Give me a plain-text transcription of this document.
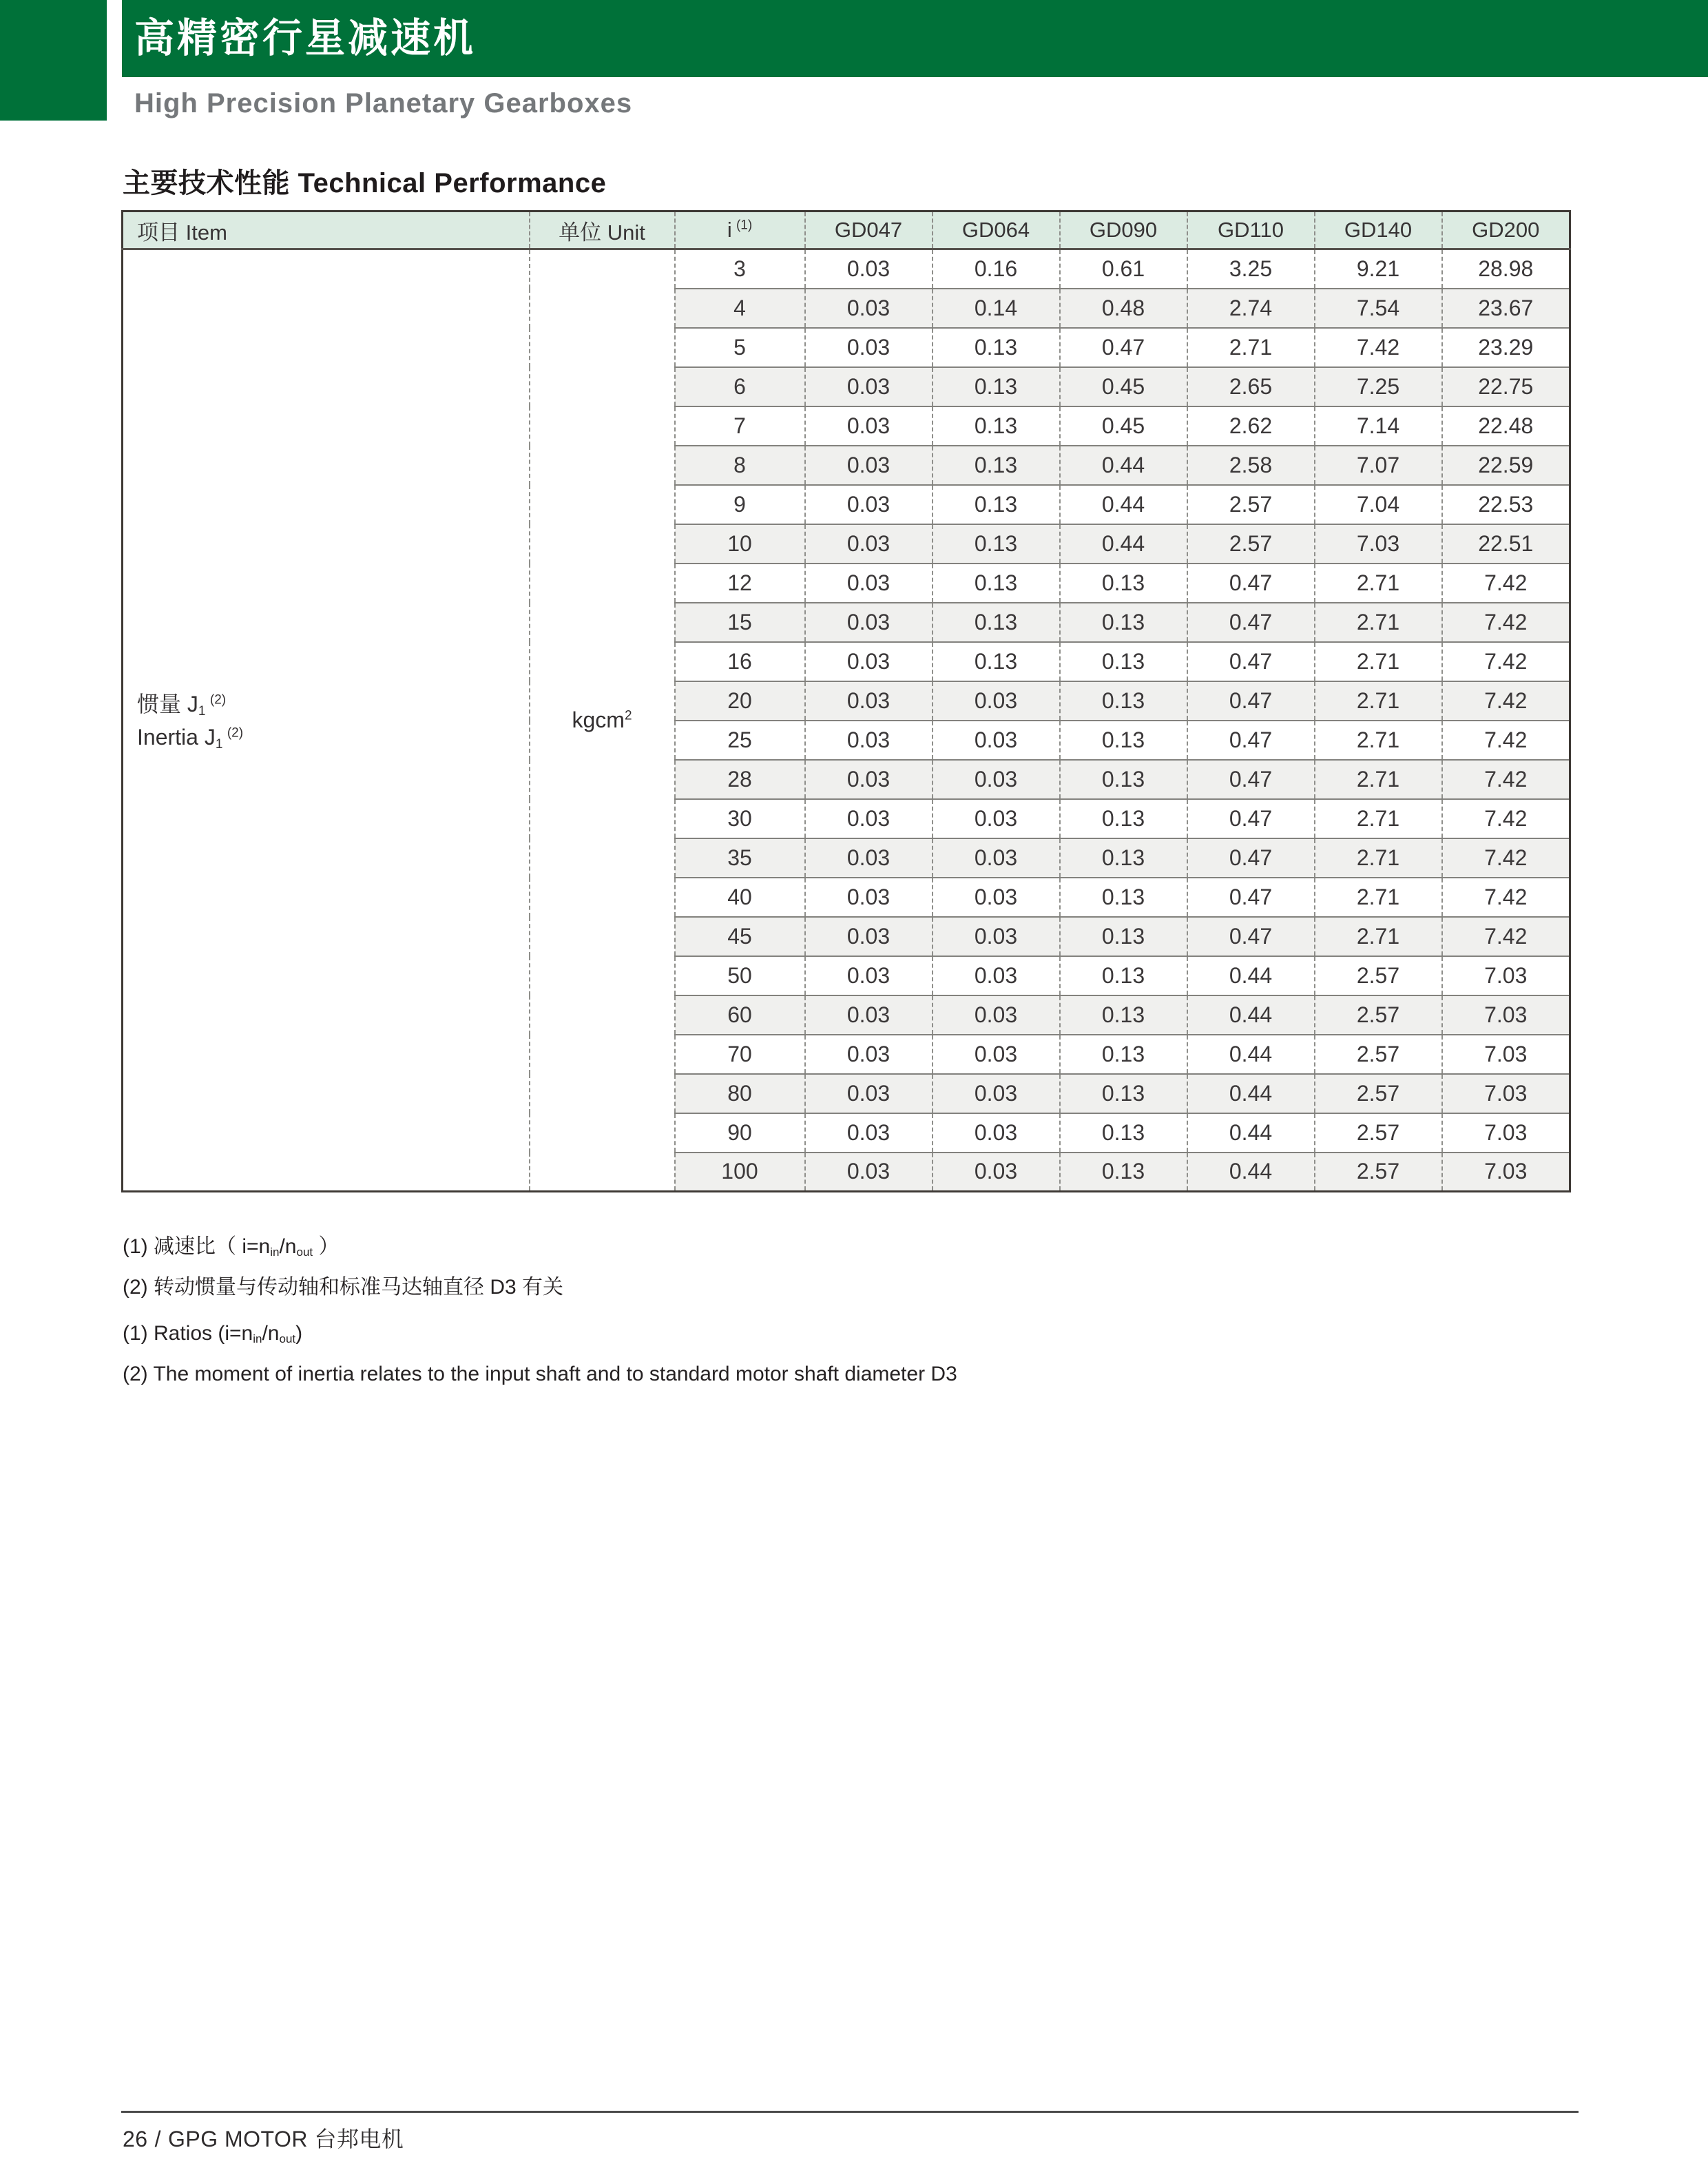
高精密行星减速机
High Precision Planetary Gearboxes
主要技术性能 Technical Performance
项目 Item	单位 Unit	i  $^{(1)}$	GD047	GD064	GD090	GD110	GD140	GD200

惯量 $J_1$ $^{(2)}$
Inertia $J_1$ $^{(2)}$	kgcm$^2$	3	0.03	0.16	0.61	3.25	9.21	28.98
		4	0.03	0.14	0.48	2.74	7.54	23.67
		5	0.03	0.13	0.47	2.71	7.42	23.29
		6	0.03	0.13	0.45	2.65	7.25	22.75
		7	0.03	0.13	0.45	2.62	7.14	22.48
		8	0.03	0.13	0.44	2.58	7.07	22.59
		9	0.03	0.13	0.44	2.57	7.04	22.53
		10	0.03	0.13	0.44	2.57	7.03	22.51
		12	0.03	0.13	0.13	0.47	2.71	7.42
		15	0.03	0.13	0.13	0.47	2.71	7.42
		16	0.03	0.13	0.13	0.47	2.71	7.42
		20	0.03	0.03	0.13	0.47	2.71	7.42
		25	0.03	0.03	0.13	0.47	2.71	7.42
		28	0.03	0.03	0.13	0.47	2.71	7.42
		30	0.03	0.03	0.13	0.47	2.71	7.42
		35	0.03	0.03	0.13	0.47	2.71	7.42
		40	0.03	0.03	0.13	0.47	2.71	7.42
		45	0.03	0.03	0.13	0.47	2.71	7.42
		50	0.03	0.03	0.13	0.44	2.57	7.03
		60	0.03	0.03	0.13	0.44	2.57	7.03
		70	0.03	0.03	0.13	0.44	2.57	7.03
		80	0.03	0.03	0.13	0.44	2.57	7.03
		90	0.03	0.03	0.13	0.44	2.57	7.03
		100	0.03	0.03	0.13	0.44	2.57	7.03
(1) 减速比（ $i=n_{in}/n_{out}$ ）
(2) 转动惯量与传动轴和标准马达轴直径 D3 有关
(1) Ratios $(i=n_{in}/n_{out})$
(2) The moment of inertia relates to the input shaft and to standard motor shaft diameter D3
26 / GPG MOTOR 台邦电机
